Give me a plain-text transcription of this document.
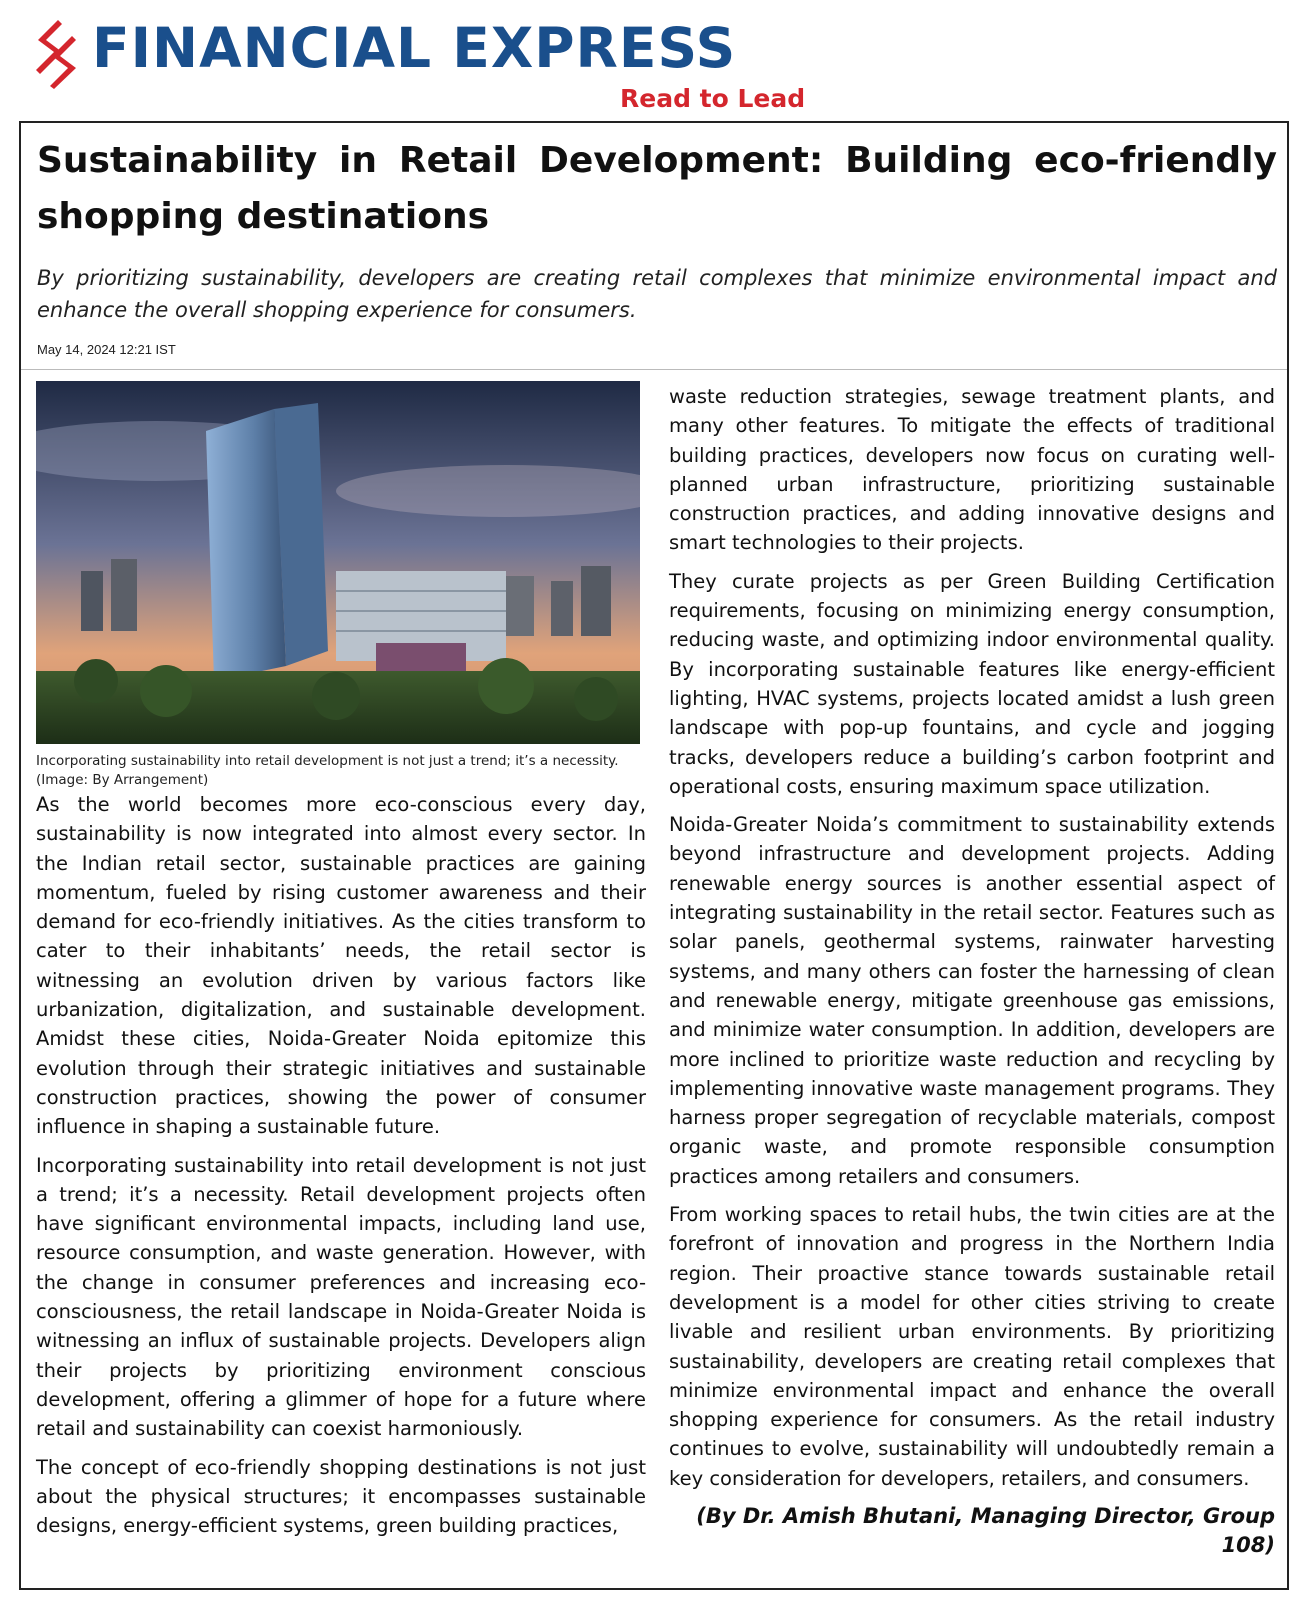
FINANCIAL EXPRESS
Read to Lead
Sustainability in Retail Development: Building eco-friendly shopping destinations

By prioritizing sustainability, developers are creating retail complexes that minimize environmental impact and enhance the overall shopping experience for consumers.

May 14, 2024 12:21 IST
Incorporating sustainability into retail development is not just a trend; it’s a necessity.
(Image: By Arrangement)

As the world becomes more eco-conscious every day, sustainability is now integrated into almost every sector. In the Indian retail sector, sustainable practices are gaining momentum, fueled by rising customer awareness and their demand for eco-friendly initiatives. As the cities transform to cater to their inhabitants’ needs, the retail sector is witnessing an evolution driven by various factors like urbanization, digitalization, and sustainable development. Amidst these cities, Noida-Greater Noida epitomize this evolution through their strategic initiatives and sustainable construction practices, showing the power of consumer influence in shaping a sustainable future.

Incorporating sustainability into retail development is not just a trend; it’s a necessity. Retail development projects often have significant environmental impacts, including land use, resource consumption, and waste generation. However, with the change in consumer preferences and increasing eco-consciousness, the retail landscape in Noida-Greater Noida is witnessing an influx of sustainable projects. Developers align their projects by prioritizing environment conscious development, offering a glimmer of hope for a future where retail and sustainability can coexist harmoniously.

The concept of eco-friendly shopping destinations is not just about the physical structures; it encompasses sustainable designs, energy-efficient systems, green building practices,

waste reduction strategies, sewage treatment plants, and many other features. To mitigate the effects of traditional building practices, developers now focus on curating well-planned urban infrastructure, prioritizing sustainable construction practices, and adding innovative designs and smart technologies to their projects.

They curate projects as per Green Building Certification requirements, focusing on minimizing energy consumption, reducing waste, and optimizing indoor environmental quality. By incorporating sustainable features like energy-efficient lighting, HVAC systems, projects located amidst a lush green landscape with pop-up fountains, and cycle and jogging tracks, developers reduce a building’s carbon footprint and operational costs, ensuring maximum space utilization.

Noida-Greater Noida’s commitment to sustainability extends beyond infrastructure and development projects. Adding renewable energy sources is another essential aspect of integrating sustainability in the retail sector. Features such as solar panels, geothermal systems, rainwater harvesting systems, and many others can foster the harnessing of clean and renewable energy, mitigate greenhouse gas emissions, and minimize water consumption. In addition, developers are more inclined to prioritize waste reduction and recycling by implementing innovative waste management programs. They harness proper segregation of recyclable materials, compost organic waste, and promote responsible consumption practices among retailers and consumers.

From working spaces to retail hubs, the twin cities are at the forefront of innovation and progress in the Northern India region. Their proactive stance towards sustainable retail development is a model for other cities striving to create livable and resilient urban environments. By prioritizing sustainability, developers are creating retail complexes that minimize environmental impact and enhance the overall shopping experience for consumers. As the retail industry continues to evolve, sustainability will undoubtedly remain a key consideration for developers, retailers, and consumers.

(By Dr. Amish Bhutani, Managing Director, Group 108)
